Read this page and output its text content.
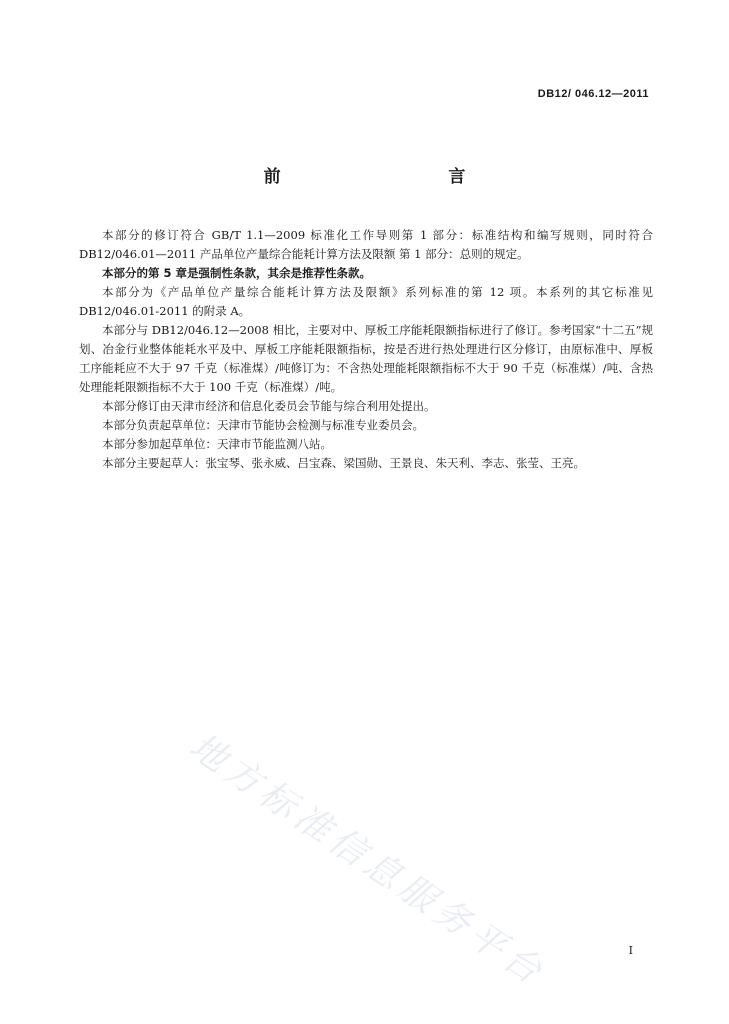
DB12/ 046.12—2011
前    言

本部分的修订符合 GB/T 1.1—2009 标准化工作导则第 1 部分：标准结构和编写规则，同时符合 DB12/046.01—2011 产品单位产量综合能耗计算方法及限额 第 1 部分：总则的规定。

本部分的第 5 章是强制性条款，其余是推荐性条款。

本部分为《产品单位产量综合能耗计算方法及限额》系列标准的第 12 项。本系列的其它标准见 DB12/046.01-2011 的附录 A。

本部分与 DB12/046.12—2008 相比，主要对中、厚板工序能耗限额指标进行了修订。参考国家“十二五”规划、冶金行业整体能耗水平及中、厚板工序能耗限额指标，按是否进行热处理进行区分修订，由原标准中、厚板工序能耗应不大于 97 千克（标准煤）/吨修订为：不含热处理能耗限额指标不大于 90 千克（标准煤）/吨、含热处理能耗限额指标不大于 100 千克（标准煤）/吨。

本部分修订由天津市经济和信息化委员会节能与综合利用处提出。

本部分负责起草单位：天津市节能协会检测与标准专业委员会。

本部分参加起草单位：天津市节能监测八站。

本部分主要起草人：张宝琴、张永威、吕宝森、梁国勋、王景良、朱天利、李志、张莹、王亮。

地方标准信息服务平台	I
